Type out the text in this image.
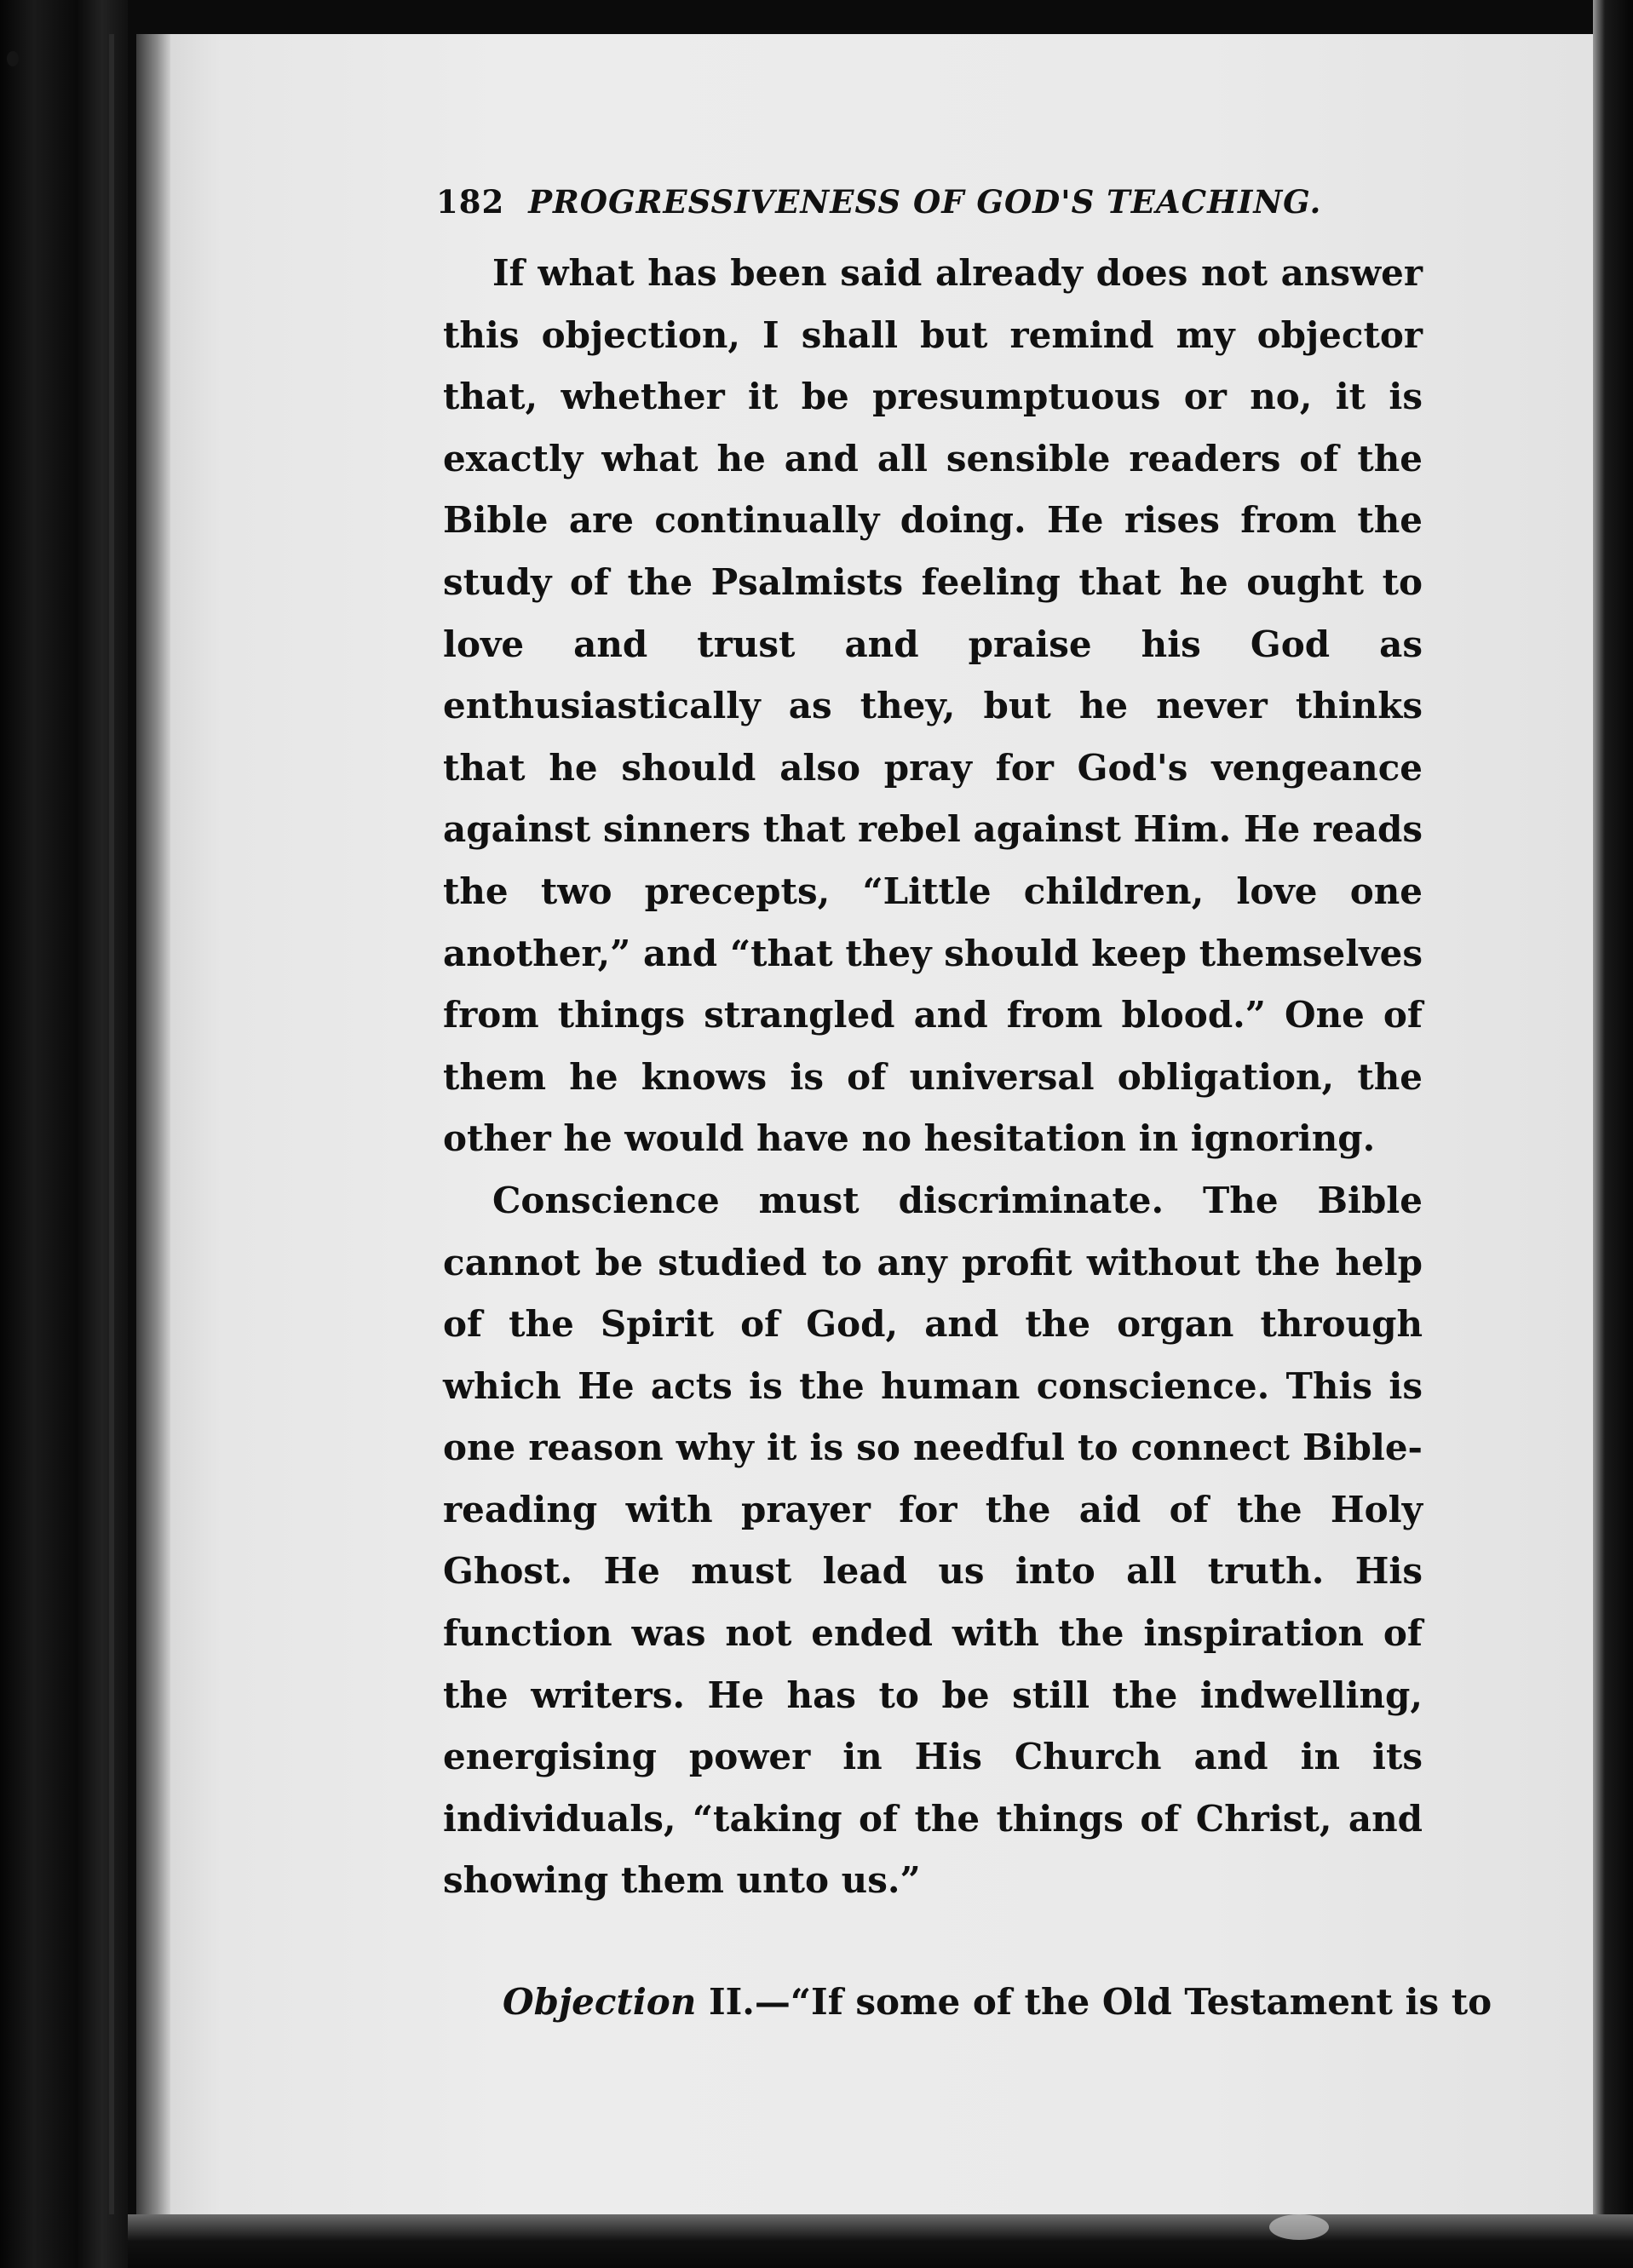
182 PROGRESSIVENESS OF GOD'S TEACHING.

If what has been said already does not answer this objection, I shall but remind my objector that, whether it be presumptuous or no, it is exactly what he and all sensible readers of the Bible are continually doing. He rises from the study of the Psalmists feeling that he ought to love and trust and praise his God as enthusiastically as they, but he never thinks that he should also pray for God's vengeance against sinners that rebel against Him. He reads the two precepts, “Little children, love one another,” and “that they should keep themselves from things strangled and from blood.” One of them he knows is of universal obligation, the other he would have no hesitation in ignoring.

Conscience must discriminate. The Bible cannot be studied to any profit without the help of the Spirit of God, and the organ through which He acts is the human conscience. This is one reason why it is so needful to connect Bible-reading with prayer for the aid of the Holy Ghost. He must lead us into all truth. His function was not ended with the inspiration of the writers. He has to be still the indwelling, energising power in His Church and in its individuals, “taking of the things of Christ, and showing them unto us.”

Objection II.—“If some of the Old Testament is to
